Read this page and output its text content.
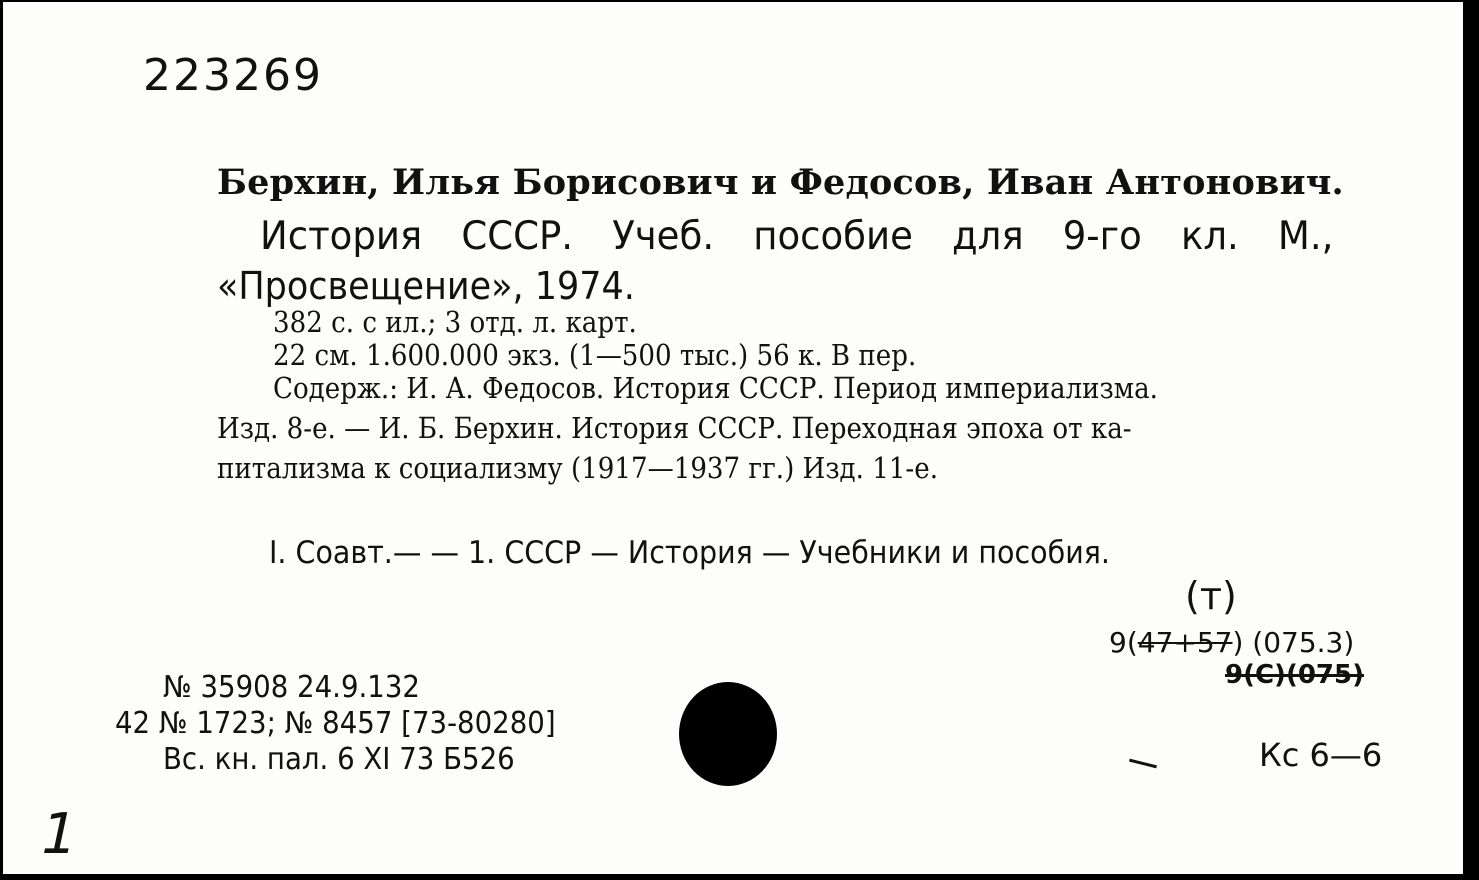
223269
Берхин, Илья Борисович и Федосов, Иван Антонович.
История СССР. Учеб. пособие для 9-го кл. М.,
«Просвещение», 1974.
382 с. с ил.; 3 отд. л. карт.
22 см. 1.600.000 экз. (1—500 тыс.) 56 к. В пер.
Содерж.: И. А. Федосов. История СССР. Период империализма.
Изд. 8-е. — И. Б. Берхин. История СССР. Переходная эпоха от ка-
питализма к социализму (1917—1937 гг.) Изд. 11-е.
I. Соавт.— — 1. СССР — История — Учебники и пособия.
(т)
9(47+57) (075.3)
9(С)(075)
№ 35908 24.9.132
42 № 1723; № 8457 [73-80280]
Вс. кн. пал. 6 XI 73 Б526	Кс 6—6
1
